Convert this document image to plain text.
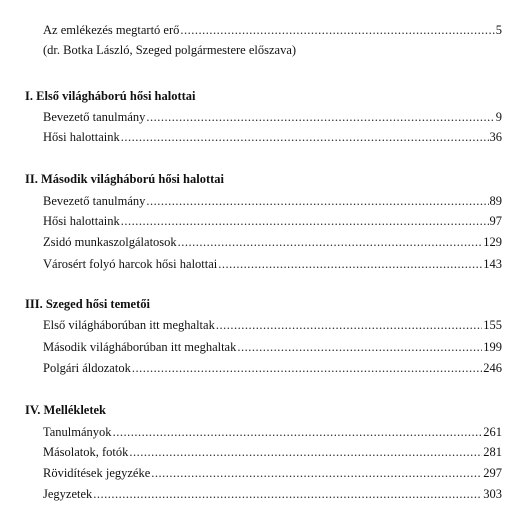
Az emlékezés megtartó erő .....	5
(dr. Botka László, Szeged polgármestere előszava)
I. Első világháború hősi halottai
Bevezető tanulmány .....	9
Hősi halottaink .....	36
II. Második világháború hősi halottai
Bevezető tanulmány .....	89
Hősi halottaink .....	97
Zsidó munkaszolgálatosok .....	129
Városért folyó harcok hősi halottai .....	143
III. Szeged hősi temetői
Első világháborúban itt meghaltak .....	155
Második világháborúban itt meghaltak .....	199
Polgári áldozatok .....	246
IV. Mellékletek
Tanulmányok .....	261
Másolatok, fotók .....	281
Rövidítések jegyzéke .....	297
Jegyzetek .....	303
